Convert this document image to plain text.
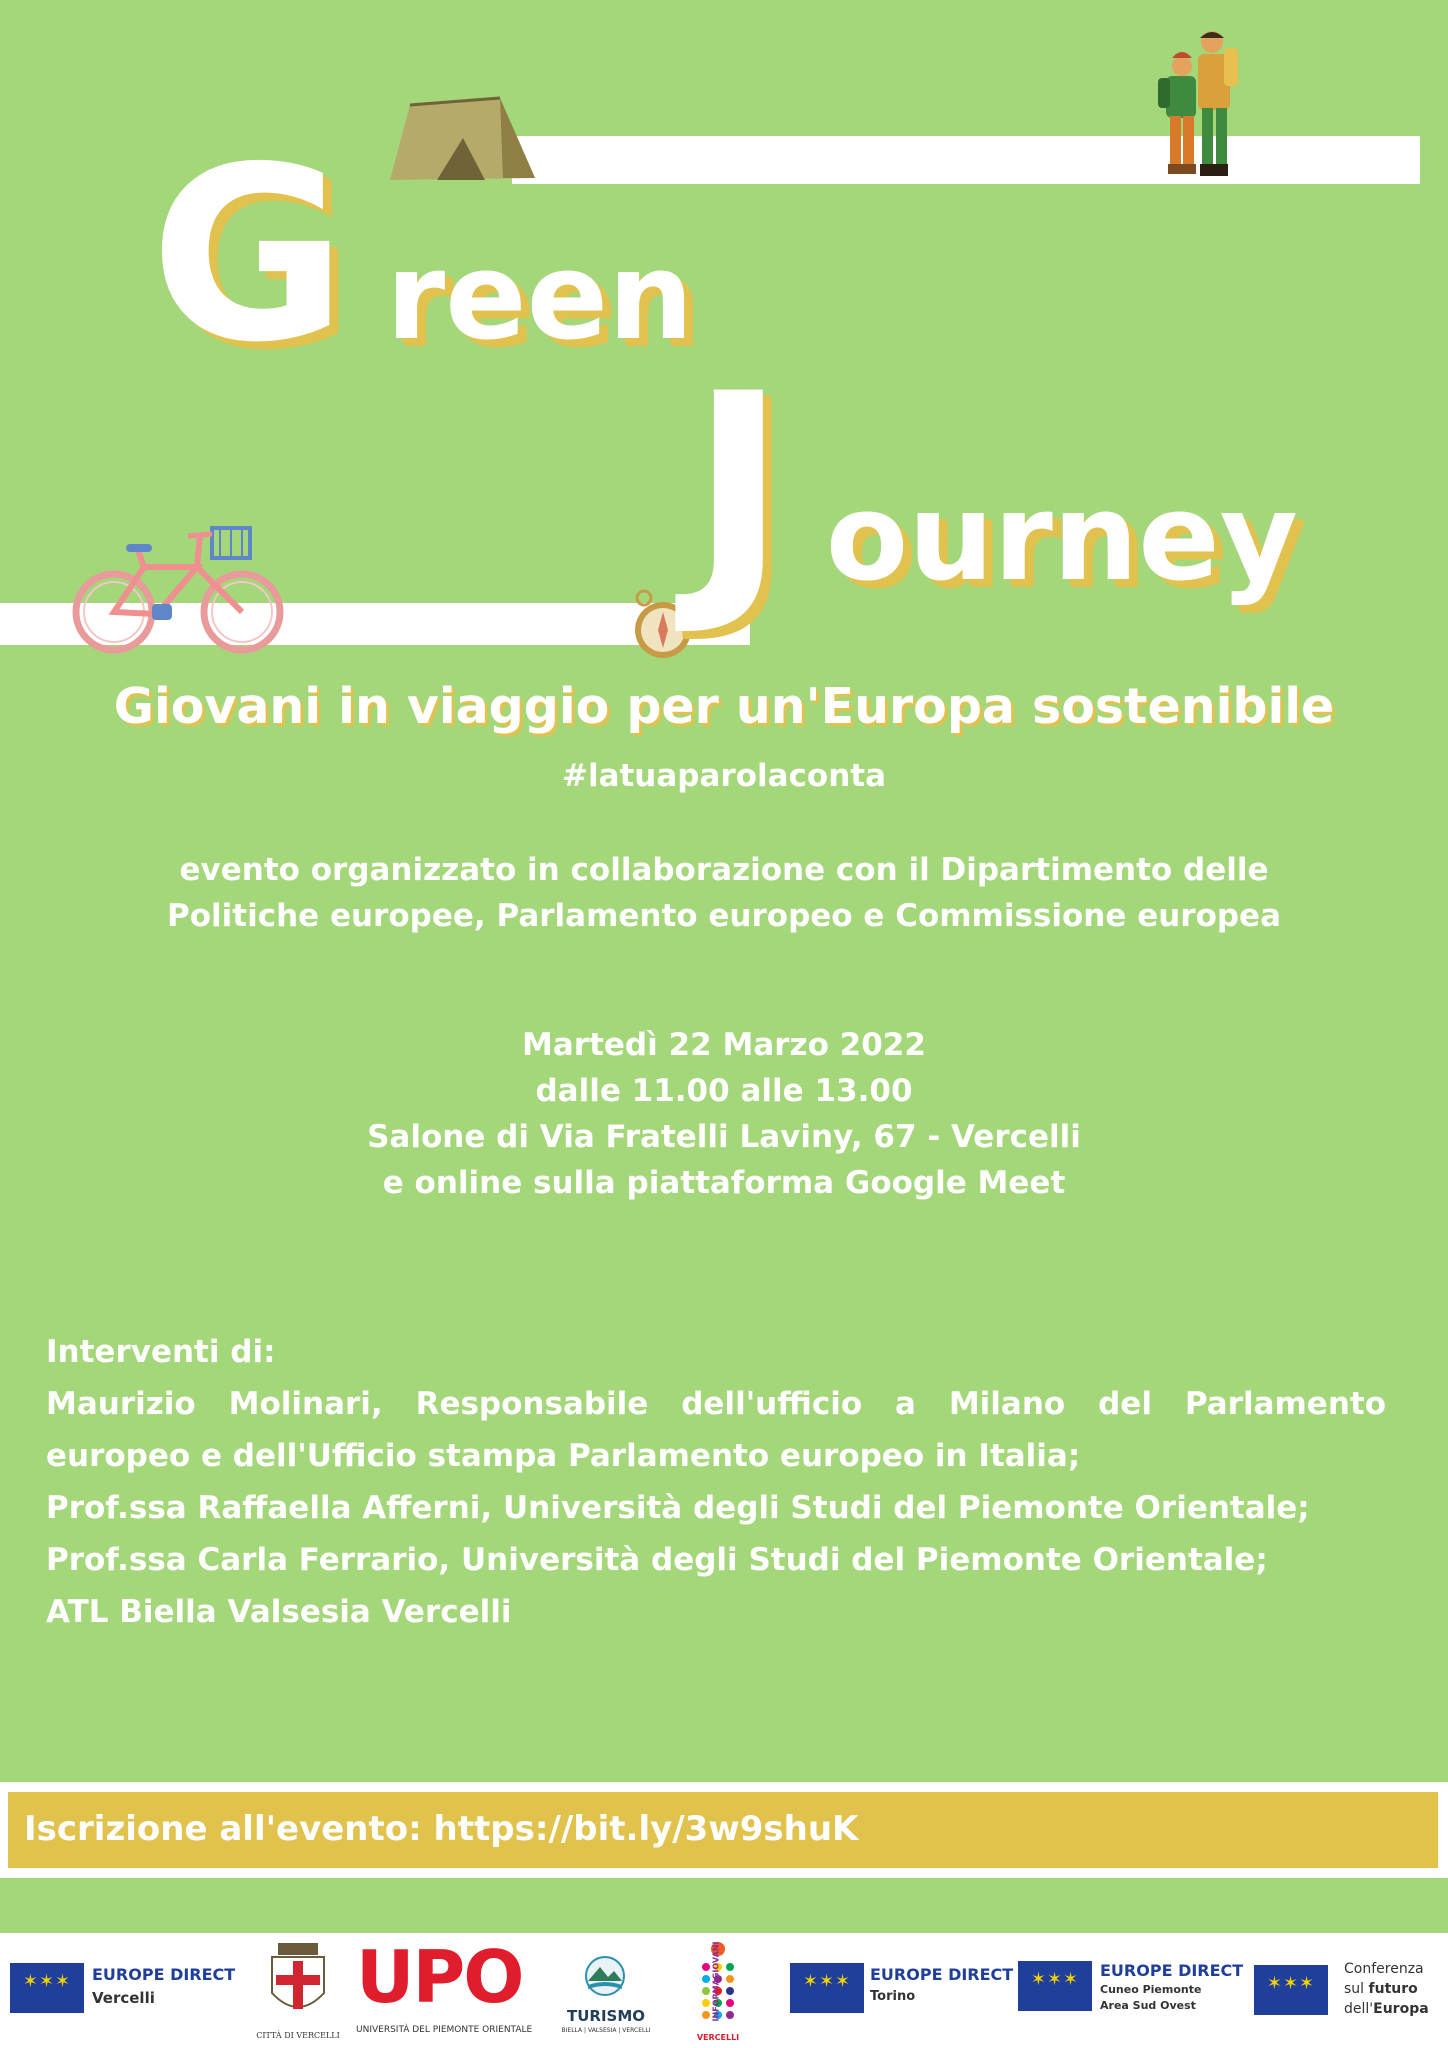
G reen
J ourney
Giovani in viaggio per un'Europa sostenibile
#latuaparolaconta
evento organizzato in collaborazione con il Dipartimento delle
Politiche europee, Parlamento europeo e Commissione europea
Martedì 22 Marzo 2022
dalle 11.00 alle 13.00
Salone di Via Fratelli Laviny, 67 - Vercelli
e online sulla piattaforma Google Meet
Interventi di:
Maurizio Molinari, Responsabile dell'ufficio a Milano del Parlamento
europeo e dell'Ufficio stampa Parlamento europeo in Italia;
Prof.ssa Raffaella Afferni, Università degli Studi del Piemonte Orientale;
Prof.ssa Carla Ferrario, Università degli Studi del Piemonte Orientale;
ATL Biella Valsesia Vercelli
Iscrizione all'evento: https://bit.ly/3w9shuK
✶✶✶	EUROPE DIRECT
Vercelli
CITTÀ DI VERCELLI
UPO
UNIVERSITÀ DEL PIEMONTE ORIENTALE
TURISMO
BIELLA | VALSESIA | VERCELLI
INFORMAGIOVANI
VERCELLI
✶✶✶	EUROPE DIRECT
Torino
✶✶✶	EUROPE DIRECT
Cuneo Piemonte
Area Sud Ovest
✶✶✶
Conferenza
sul futuro
dell'Europa
